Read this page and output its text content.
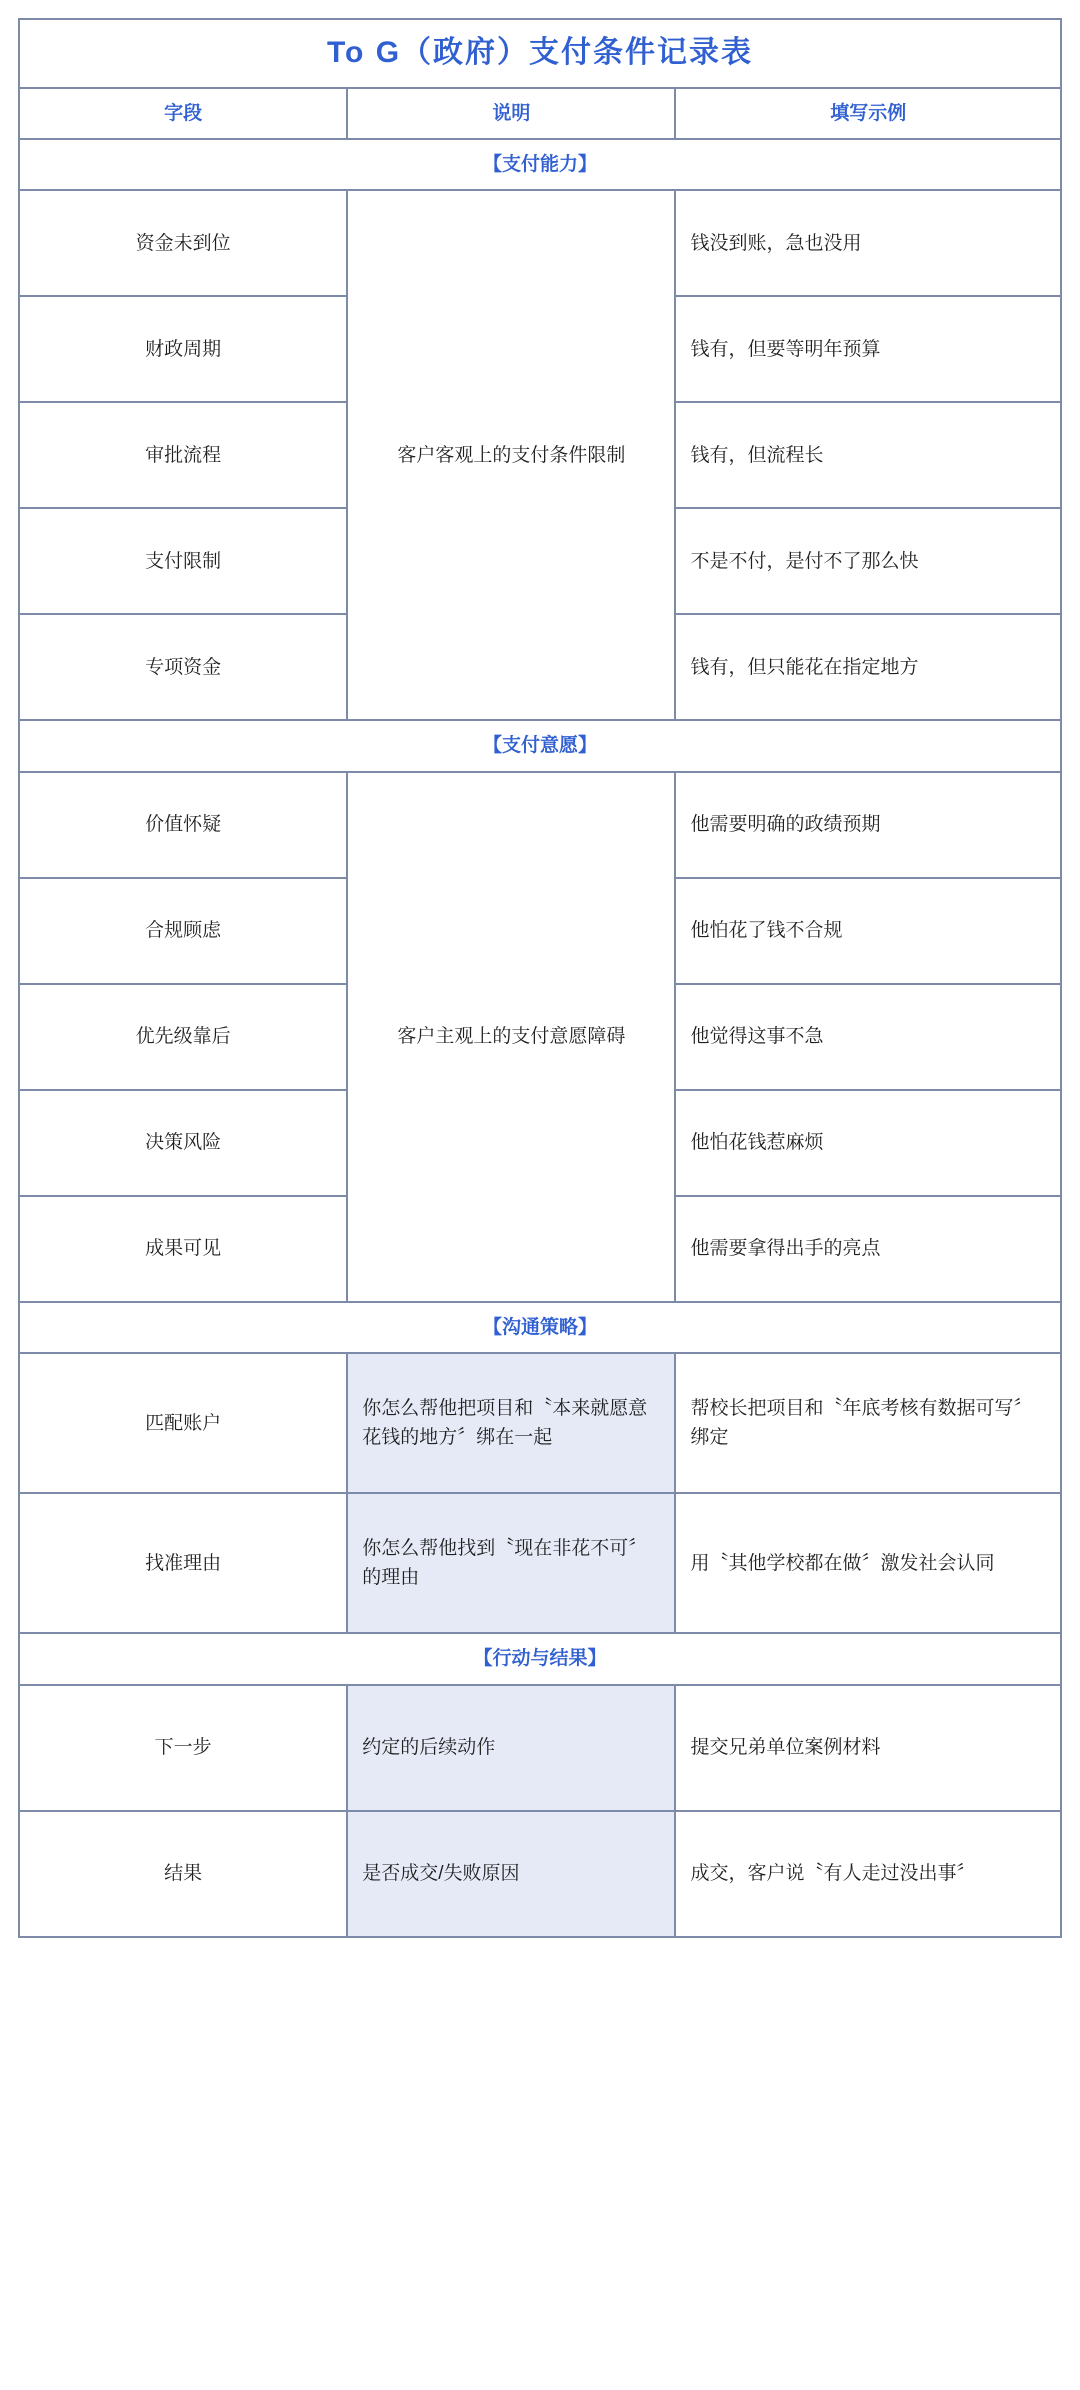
To G（政府）支付条件记录表		
字段	说明	填写示例
【支付能力】		
资金未到位	客户客观上的支付条件限制	钱没到账，急也没用
财政周期		钱有，但要等明年预算
审批流程		钱有，但流程长
支付限制		不是不付，是付不了那么快
专项资金		钱有，但只能花在指定地方
【支付意愿】		
价值怀疑	客户主观上的支付意愿障碍	他需要明确的政绩预期
合规顾虑		他怕花了钱不合规
优先级靠后		他觉得这事不急
决策风险		他怕花钱惹麻烦
成果可见		他需要拿得出手的亮点
【沟通策略】		
匹配账户	你怎么帮他把项目和〝本来就愿意花钱的地方〞绑在一起	帮校长把项目和〝年底考核有数据可写〞绑定
找准理由	你怎么帮他找到〝现在非花不可〞的理由	用〝其他学校都在做〞激发社会认同
【行动与结果】		
下一步	约定的后续动作	提交兄弟单位案例材料
结果	是否成交/失败原因	成交，客户说〝有人走过没出事〞
